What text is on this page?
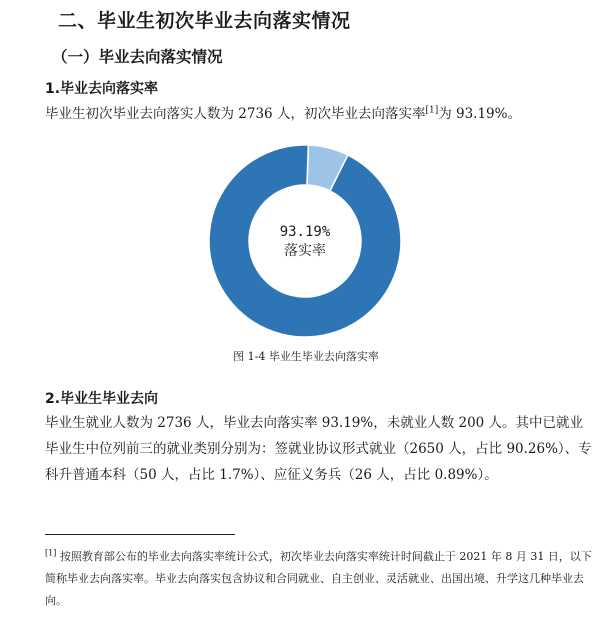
二、毕业生初次毕业去向落实情况
（一）毕业去向落实情况
1.毕业去向落实率
毕业生初次毕业去向落实人数为 2736 人，初次毕业去向落实率[1]为 93.19%。
93.19%
落实率
图 1-4 毕业生毕业去向落实率
2.毕业生毕业去向
毕业生就业人数为 2736 人，毕业去向落实率 93.19%，未就业人数 200 人。其中已就业毕业生中位列前三的就业类别分别为：签就业协议形式就业（2650 人，占比 90.26%）、专科升普通本科（50 人，占比 1.7%）、应征义务兵（26 人，占比 0.89%）。
[1] 按照教育部公布的毕业去向落实率统计公式，初次毕业去向落实率统计时间截止于 2021 年 8 月 31 日，以下简称毕业去向落实率。毕业去向落实包含协议和合同就业、自主创业、灵活就业、出国出境、升学这几种毕业去向。
